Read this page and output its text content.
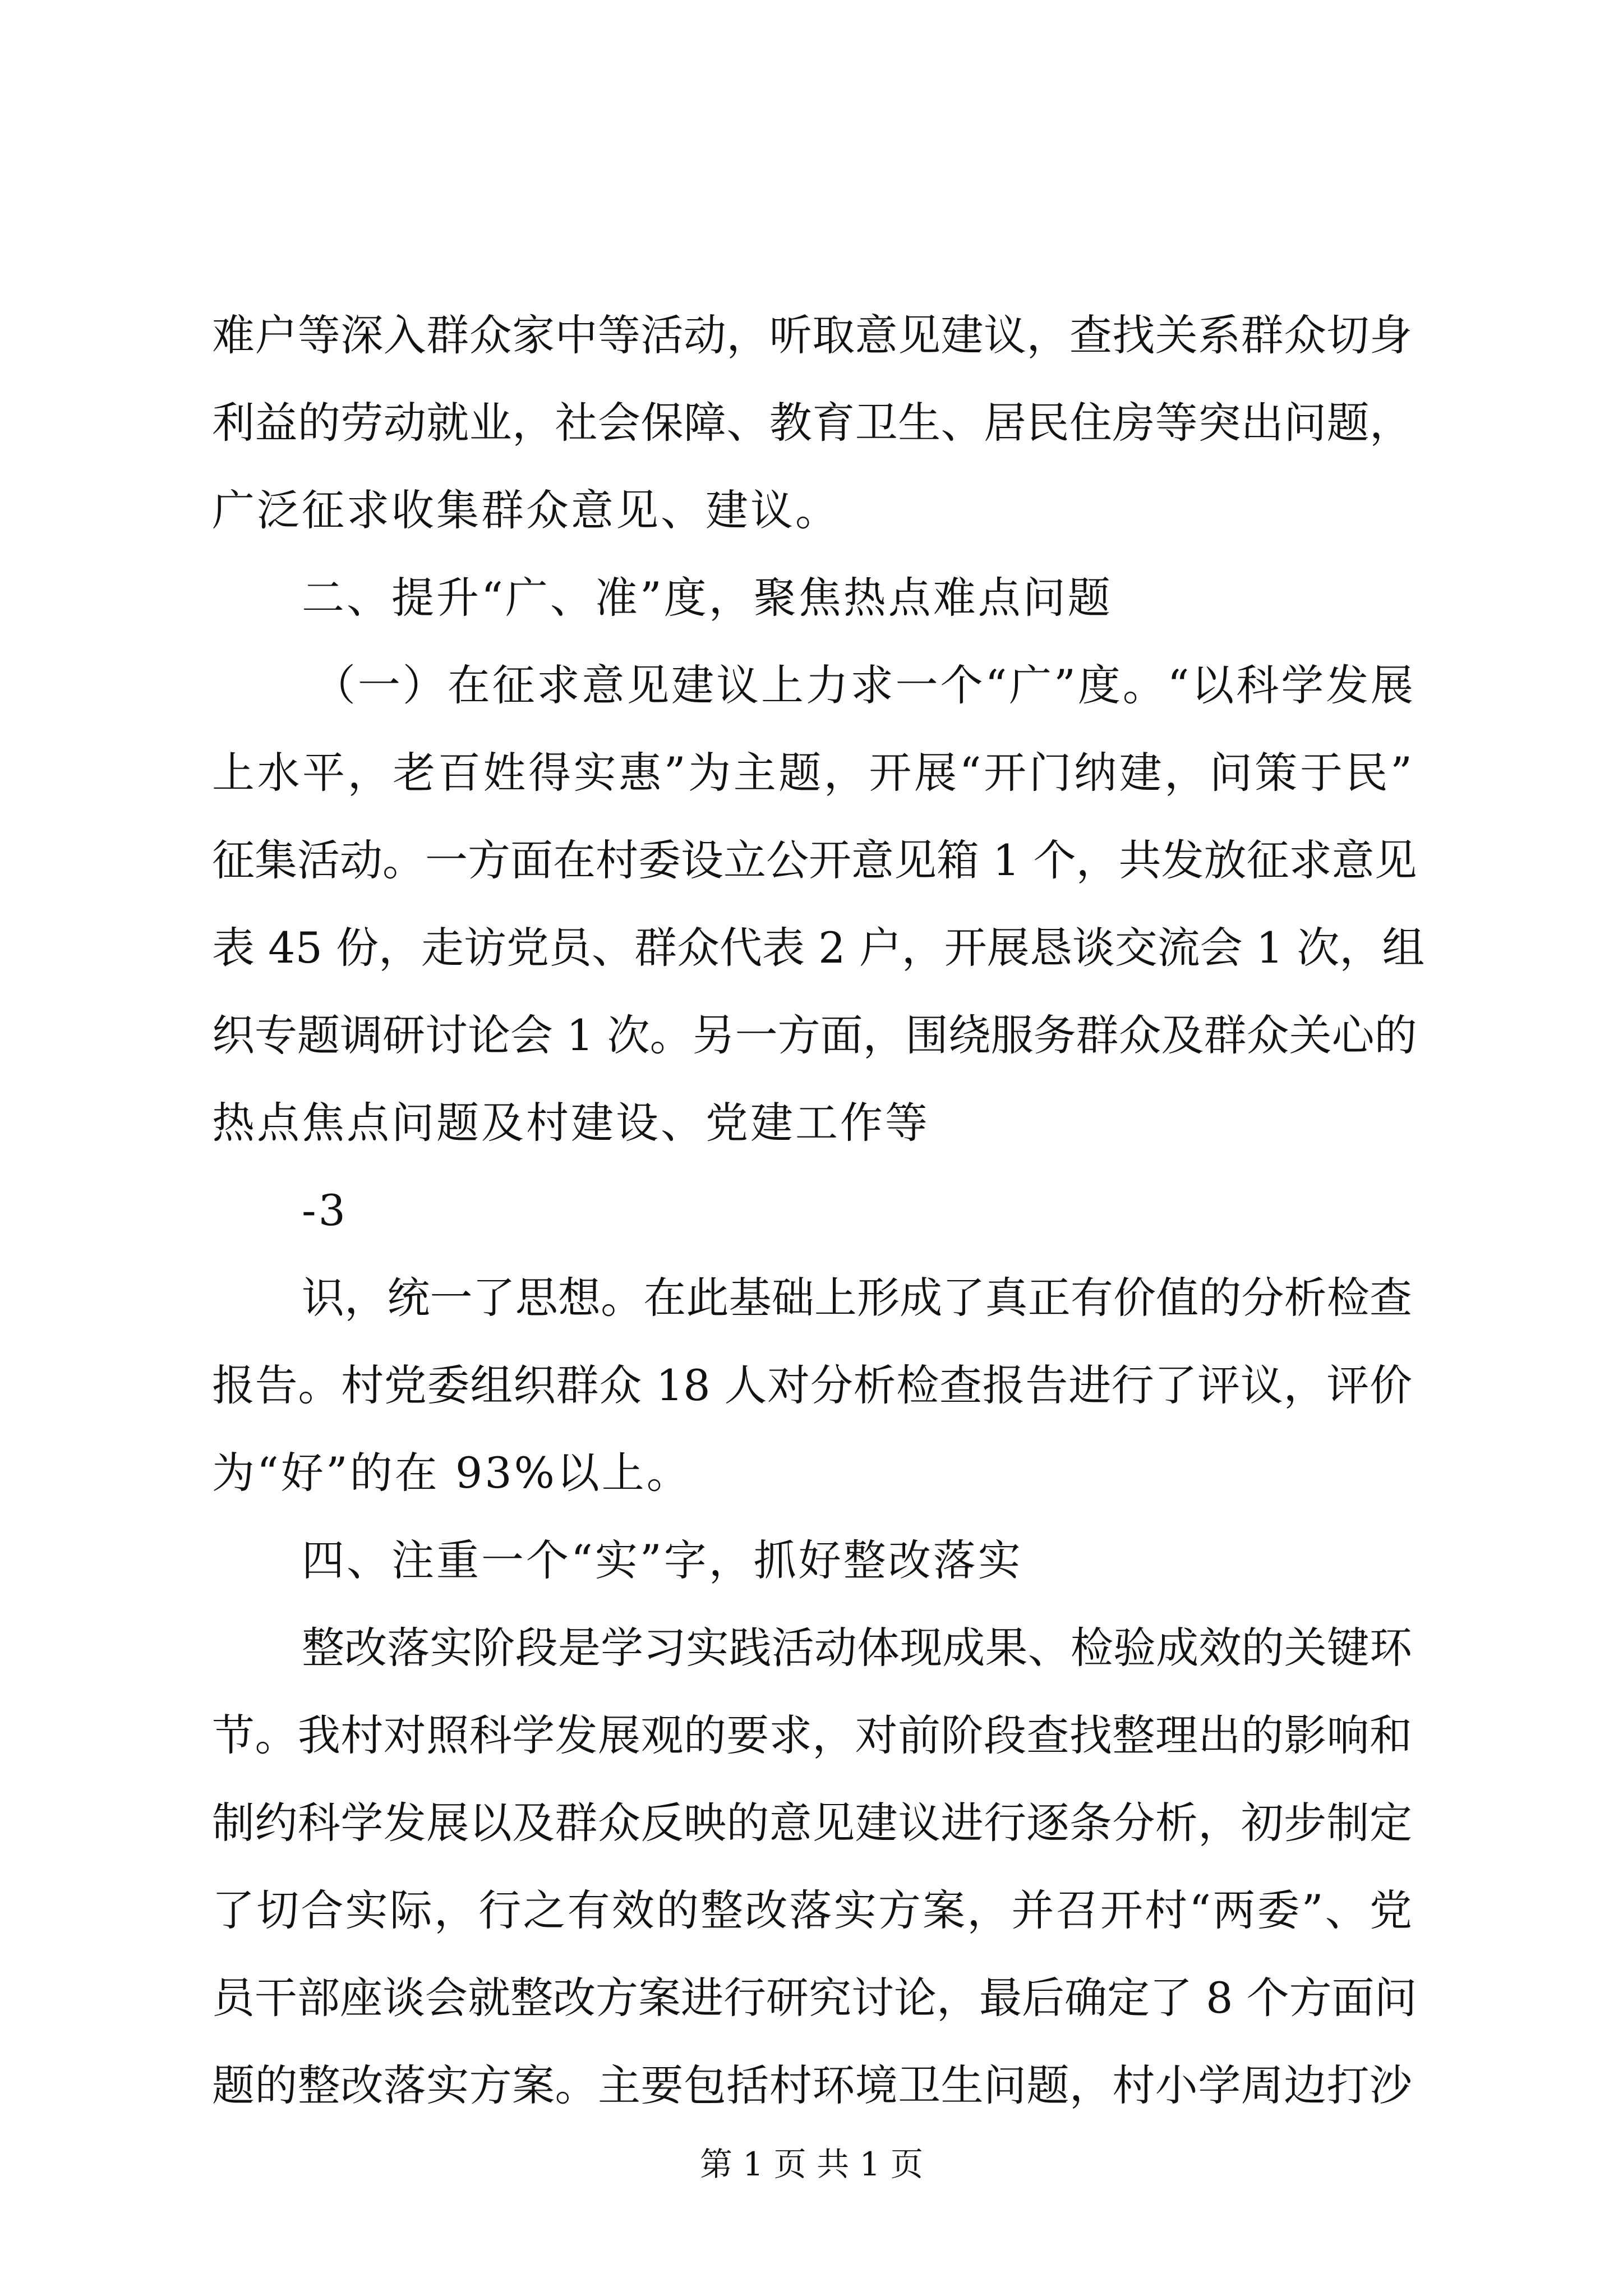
难户等深入群众家中等活动，听取意见建议，查找关系群众切身
利益的劳动就业，社会保障、教育卫生、居民住房等突出问题，
广泛征求收集群众意见、建议。
二、提升“广、准”度，聚焦热点难点问题
（一）在征求意见建议上力求一个“广”度。“以科学发展
上水平，老百姓得实惠”为主题，开展“开门纳建，问策于民”
征集活动。一方面在村委设立公开意见箱 1 个，共发放征求意见
表 45 份，走访党员、群众代表 2 户，开展恳谈交流会 1 次，组
织专题调研讨论会 1 次。另一方面，围绕服务群众及群众关心的
热点焦点问题及村建设、党建工作等
-3
识，统一了思想。在此基础上形成了真正有价值的分析检查
报告。村党委组织群众 18 人对分析检查报告进行了评议，评价
为“好”的在 93%以上。
四、注重一个“实”字，抓好整改落实
整改落实阶段是学习实践活动体现成果、检验成效的关键环
节。我村对照科学发展观的要求，对前阶段查找整理出的影响和
制约科学发展以及群众反映的意见建议进行逐条分析，初步制定
了切合实际，行之有效的整改落实方案，并召开村“两委”、党
员干部座谈会就整改方案进行研究讨论，最后确定了 8 个方面问
题的整改落实方案。主要包括村环境卫生问题，村小学周边打沙
第 1 页 共 1 页
